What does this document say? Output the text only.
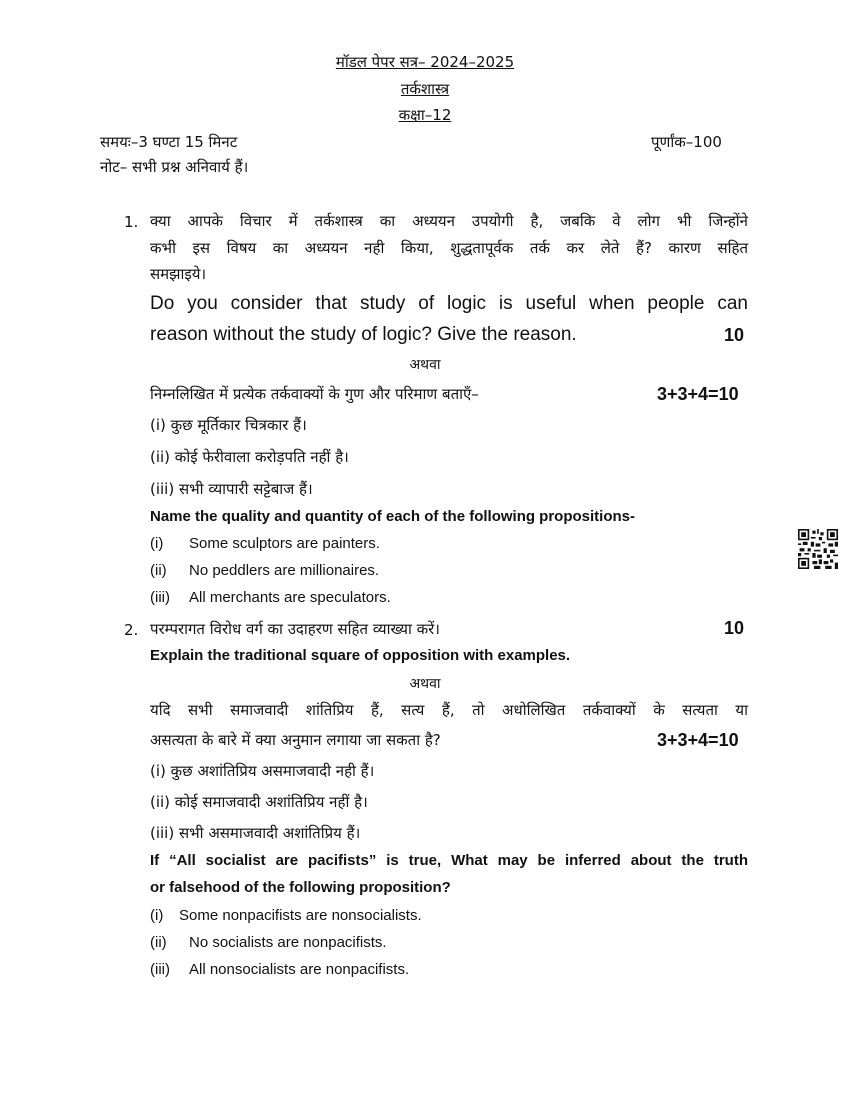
मॉडल पेपर सत्र– 2024–2025
तर्कशास्त्र
कक्षा–12
समयः–3 घण्टा 15 मिनट	पूर्णांक–100
नोट– सभी प्रश्न अनिवार्य हैं।
1. क्या आपके विचार में तर्कशास्त्र का अध्ययन उपयोगी है, जबकि वे लोग भी जिन्होंने
कभी इस विषय का अध्ययन नही किया, शुद्धतापूर्वक तर्क कर लेते हैं? कारण सहित
समझाइये।
Do you consider that study of logic is useful when people can
reason without the study of logic? Give the reason.	10
अथवा
निम्नलिखित में प्रत्येक तर्कवाक्यों के गुण और परिमाण बताएँ–	3+3+4=10
(i) कुछ मूर्तिकार चित्रकार हैं।
(ii) कोई फेरीवाला करोड़पति नहीं है।
(iii) सभी व्यापारी सट्टेबाज हैं।
Name the quality and quantity of each of the following propositions-
(i) Some sculptors are painters.
(ii) No peddlers are millionaires.
(iii) All merchants are speculators.
2. परम्परागत विरोध वर्ग का उदाहरण सहित व्याख्या करें।	10
Explain the traditional square of opposition with examples.
अथवा
यदि सभी समाजवादी शांतिप्रिय हैं, सत्य हैं, तो अधोलिखित तर्कवाक्यों के सत्यता या
असत्यता के बारे में क्या अनुमान लगाया जा सकता है?	3+3+4=10
(i) कुछ अशांतिप्रिय असमाजवादी नही हैं।
(ii) कोई समाजवादी अशांतिप्रिय नहीं है।
(iii) सभी असमाजवादी अशांतिप्रिय हैं।
If “All socialist are pacifists” is true, What may be inferred about the truth
or falsehood of the following proposition?
(i) Some nonpacifists are nonsocialists.
(ii) No socialists are nonpacifists.
(iii) All nonsocialists are nonpacifists.
